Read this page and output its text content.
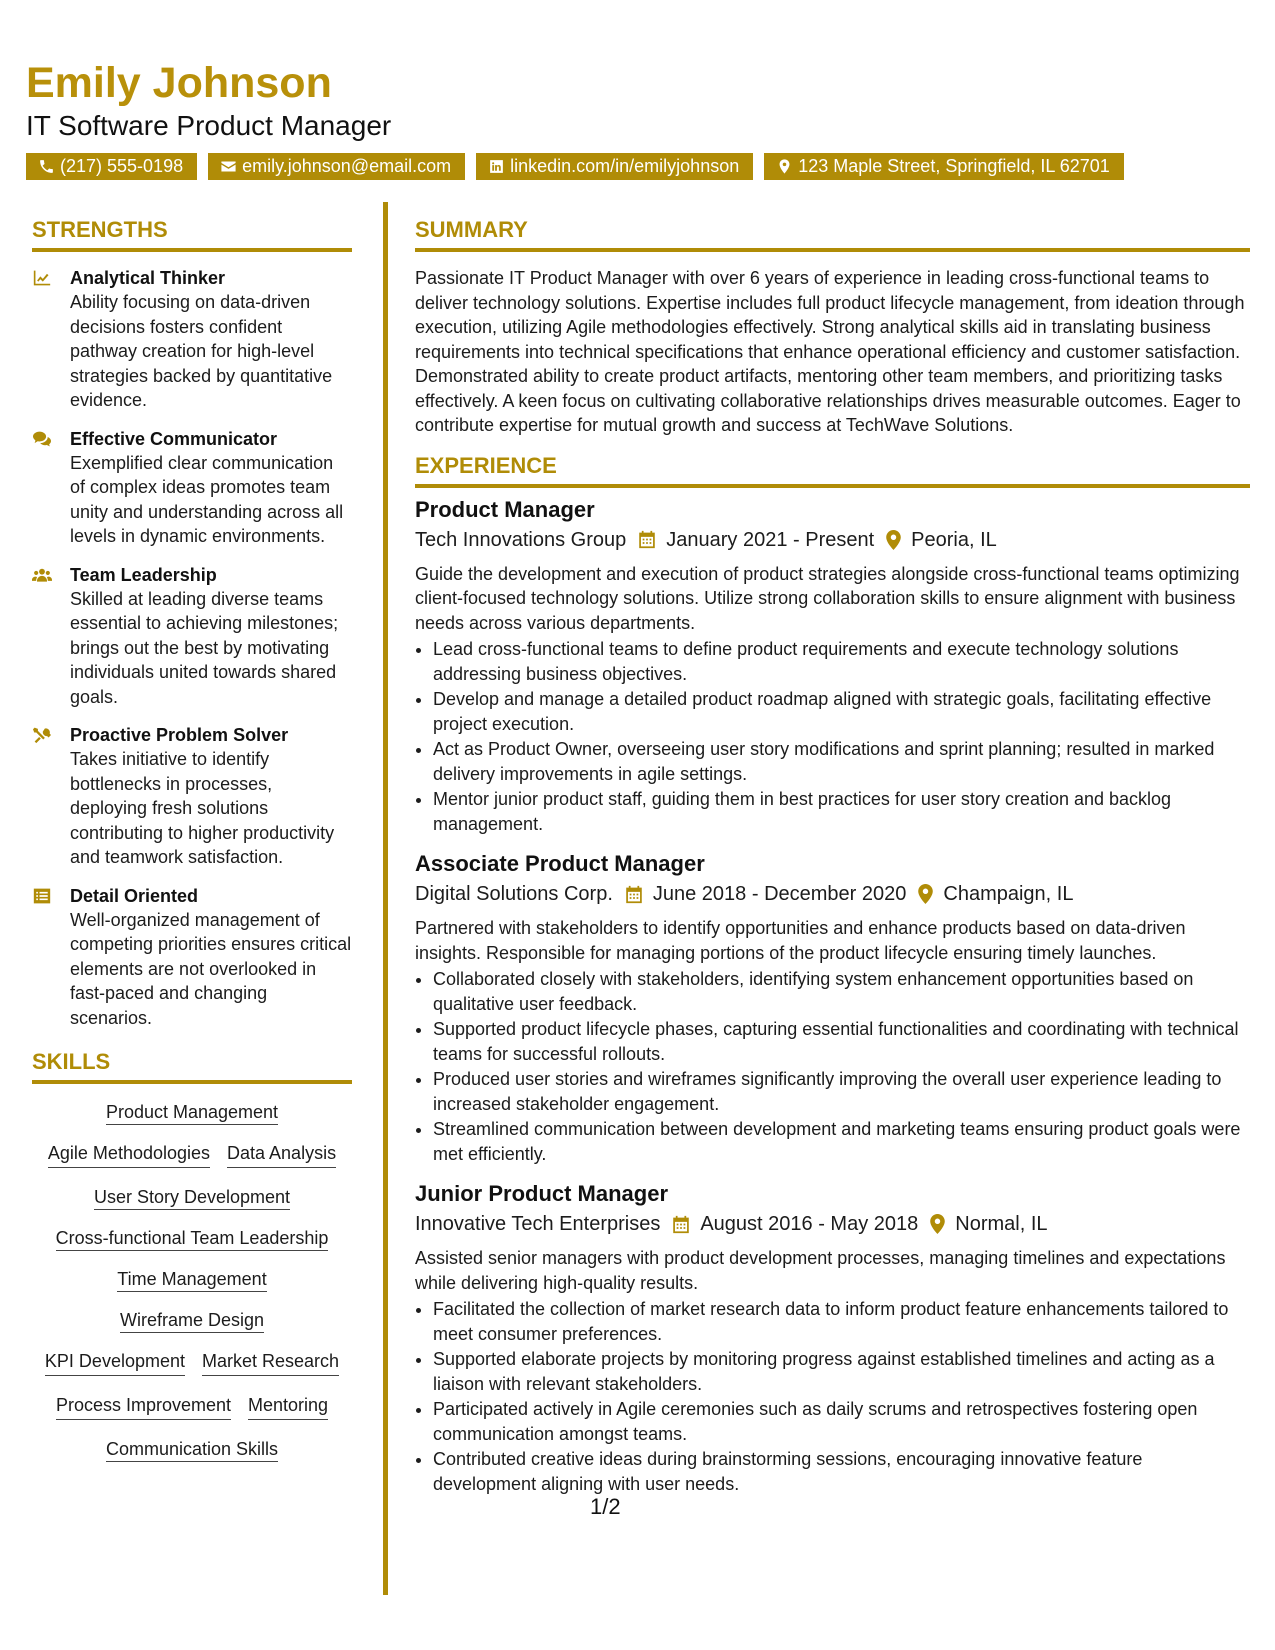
Emily Johnson
IT Software Product Manager
(217) 555-0198	emily.johnson@email.com	linkedin.com/in/emilyjohnson	123 Maple Street, Springfield, IL 62701
STRENGTHS
Analytical Thinker
Ability focusing on data-driven decisions fosters confident pathway creation for high-level strategies backed by quantitative evidence.
Effective Communicator
Exemplified clear communication of complex ideas promotes team unity and understanding across all levels in dynamic environments.
Team Leadership
Skilled at leading diverse teams essential to achieving milestones; brings out the best by motivating individuals united towards shared goals.
Proactive Problem Solver
Takes initiative to identify bottlenecks in processes, deploying fresh solutions contributing to higher productivity and teamwork satisfaction.
Detail Oriented
Well-organized management of competing priorities ensures critical elements are not overlooked in fast-paced and changing scenarios.
SKILLS
Product Management
Agile Methodologies Data Analysis
User Story Development
Cross-functional Team Leadership
Time Management
Wireframe Design
KPI Development Market Research
Process Improvement Mentoring
Communication Skills
SUMMARY

Passionate IT Product Manager with over 6 years of experience in leading cross-functional teams to deliver technology solutions. Expertise includes full product lifecycle management, from ideation through execution, utilizing Agile methodologies effectively. Strong analytical skills aid in translating business requirements into technical specifications that enhance operational efficiency and customer satisfaction. Demonstrated ability to create product artifacts, mentoring other team members, and prioritizing tasks effectively. A keen focus on cultivating collaborative relationships drives measurable outcomes. Eager to contribute expertise for mutual growth and success at TechWave Solutions.

EXPERIENCE
Product Manager
Tech Innovations Group January 2021 - Present Peoria, IL

Guide the development and execution of product strategies alongside cross-functional teams optimizing client-focused technology solutions. Utilize strong collaboration skills to ensure alignment with business needs across various departments.

• Lead cross-functional teams to define product requirements and execute technology solutions addressing business objectives.
• Develop and manage a detailed product roadmap aligned with strategic goals, facilitating effective project execution.
• Act as Product Owner, overseeing user story modifications and sprint planning; resulted in marked delivery improvements in agile settings.
• Mentor junior product staff, guiding them in best practices for user story creation and backlog management.
Associate Product Manager
Digital Solutions Corp. June 2018 - December 2020 Champaign, IL

Partnered with stakeholders to identify opportunities and enhance products based on data-driven insights. Responsible for managing portions of the product lifecycle ensuring timely launches.

• Collaborated closely with stakeholders, identifying system enhancement opportunities based on qualitative user feedback.
• Supported product lifecycle phases, capturing essential functionalities and coordinating with technical teams for successful rollouts.
• Produced user stories and wireframes significantly improving the overall user experience leading to increased stakeholder engagement.
• Streamlined communication between development and marketing teams ensuring product goals were met efficiently.
Junior Product Manager
Innovative Tech Enterprises August 2016 - May 2018 Normal, IL

Assisted senior managers with product development processes, managing timelines and expectations while delivering high-quality results.

• Facilitated the collection of market research data to inform product feature enhancements tailored to meet consumer preferences.
• Supported elaborate projects by monitoring progress against established timelines and acting as a liaison with relevant stakeholders.
• Participated actively in Agile ceremonies such as daily scrums and retrospectives fostering open communication amongst teams.
• Contributed creative ideas during brainstorming sessions, encouraging innovative feature development aligning with user needs.
1/2
